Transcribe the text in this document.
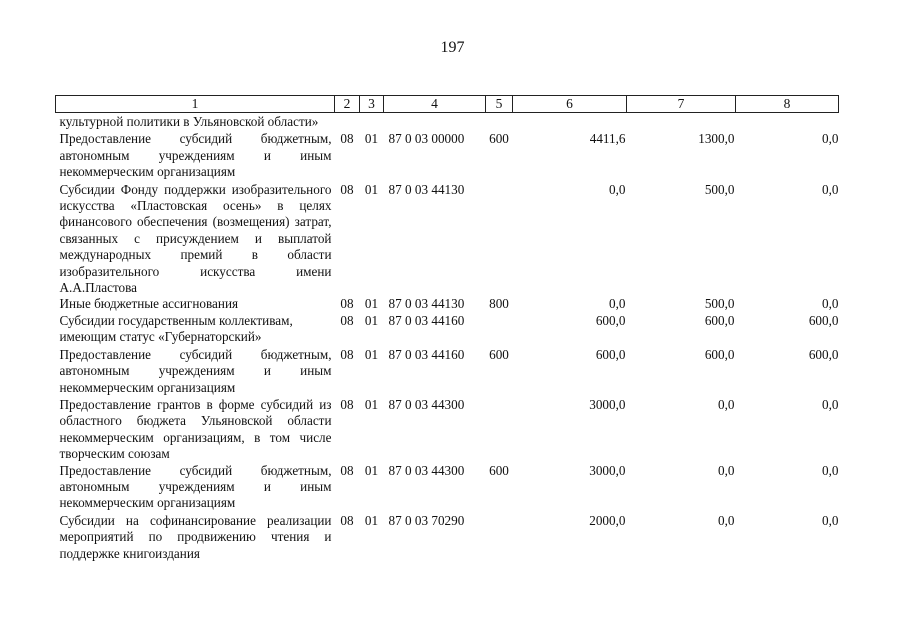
197
1	2	3	4	5	6	7	8
культурной политики в Ульяновской области»							
Предоставление субсидий бюджетным, автономным учреждениям и иным некоммерческим организациям	08	01	87 0 03 00000	600	4411,6	1300,0	0,0
Субсидии Фонду поддержки изобразительного искусства «Пластовская осень» в целях финансового обеспечения (возмещения) затрат, связанных с присуждением и выплатой международных премий в области изобразительного искусства имени А.А.Пластова	08	01	87 0 03 44130		0,0	500,0	0,0
Иные бюджетные ассигнования	08	01	87 0 03 44130	800	0,0	500,0	0,0
Субсидии государственным коллективам, имеющим статус «Губернаторский»	08	01	87 0 03 44160		600,0	600,0	600,0
Предоставление субсидий бюджетным, автономным учреждениям и иным некоммерческим организациям	08	01	87 0 03 44160	600	600,0	600,0	600,0
Предоставление грантов в форме субсидий из областного бюджета Ульяновской области некоммерческим организациям, в том числе творческим союзам	08	01	87 0 03 44300		3000,0	0,0	0,0
Предоставление субсидий бюджетным, автономным учреждениям и иным некоммерческим организациям	08	01	87 0 03 44300	600	3000,0	0,0	0,0
Субсидии на софинансирование реализации мероприятий по продвижению чтения и поддержке книгоиздания	08	01	87 0 03 70290		2000,0	0,0	0,0
